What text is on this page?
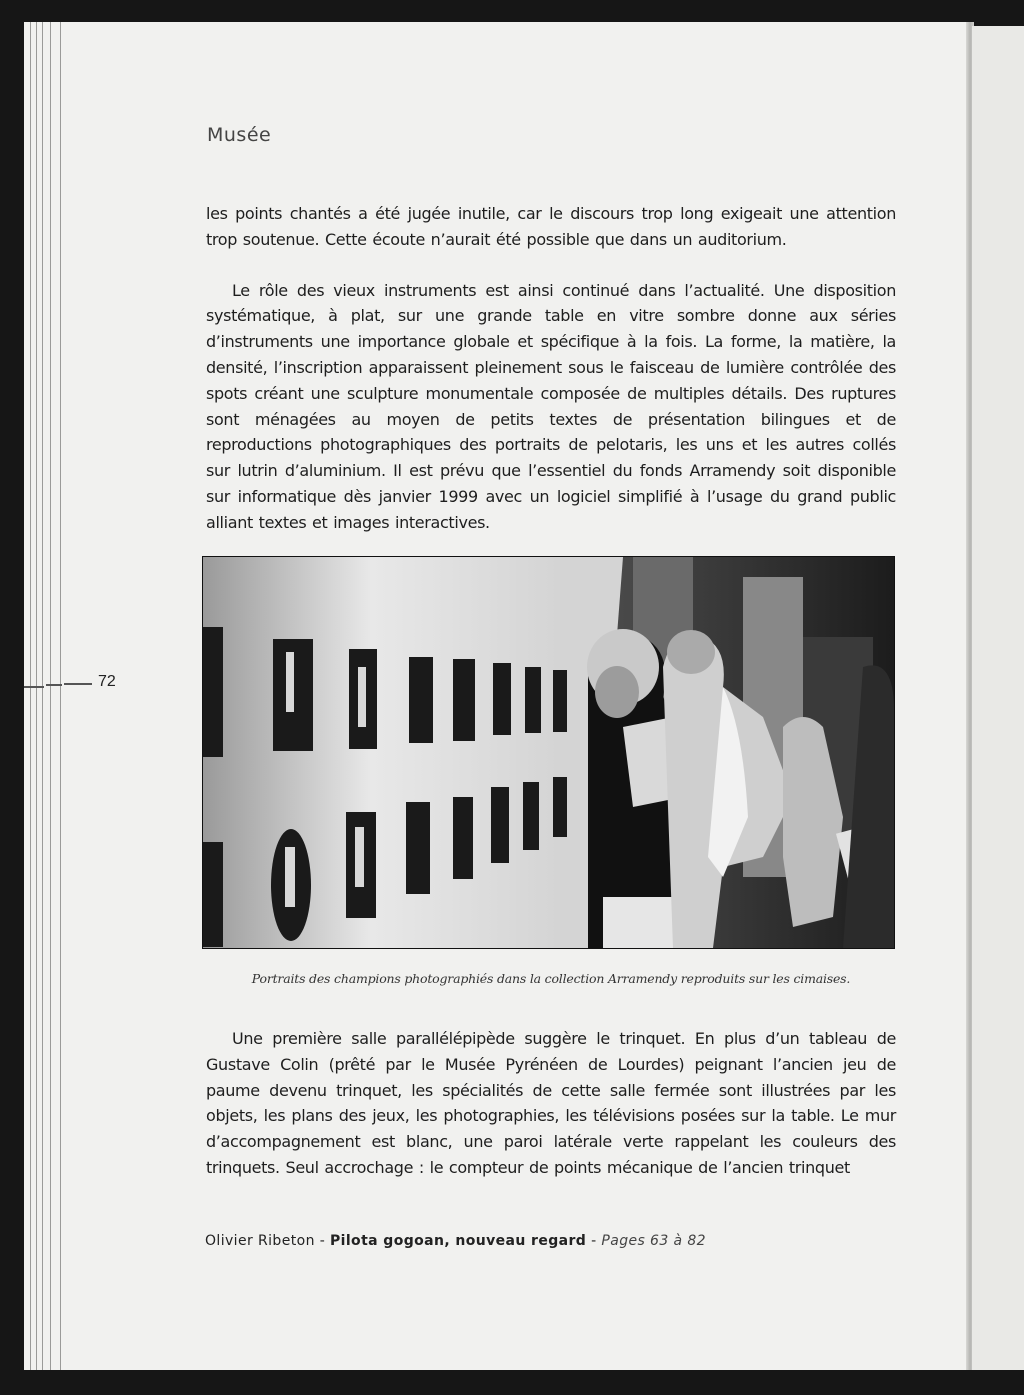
72
Musée

les points chantés a été jugée inutile, car le discours trop long exigeait une attention trop soutenue. Cette écoute n’aurait été possible que dans un auditorium.

Le rôle des vieux instruments est ainsi continué dans l’actualité. Une disposition systématique, à plat, sur une grande table en vitre sombre donne aux séries d’instruments une importance globale et spécifique à la fois. La forme, la matière, la densité, l’inscription apparaissent pleinement sous le faisceau de lumière contrôlée des spots créant une sculpture monumentale composée de multiples détails. Des ruptures sont ménagées au moyen de petits textes de présentation bilingues et de reproductions photographiques des portraits de pelotaris, les uns et les autres collés sur lutrin d’aluminium. Il est prévu que l’essentiel du fonds Arramendy soit disponible sur informatique dès janvier 1999 avec un logiciel simplifié à l’usage du grand public alliant textes et images interactives.

Portraits des champions photographiés dans la collection Arramendy reproduits sur les cimaises.

Une première salle parallélépipède suggère le trinquet. En plus d’un tableau de Gustave Colin (prêté par le Musée Pyrénéen de Lourdes) peignant l’ancien jeu de paume devenu trinquet, les spécialités de cette salle fermée sont illustrées par les objets, les plans des jeux, les photographies, les télévisions posées sur la table. Le mur d’accompagnement est blanc, une paroi latérale verte rappelant les couleurs des trinquets. Seul accrochage : le compteur de points mécanique de l’ancien trinquet

Olivier Ribeton - Pilota gogoan, nouveau regard - Pages 63 à 82
